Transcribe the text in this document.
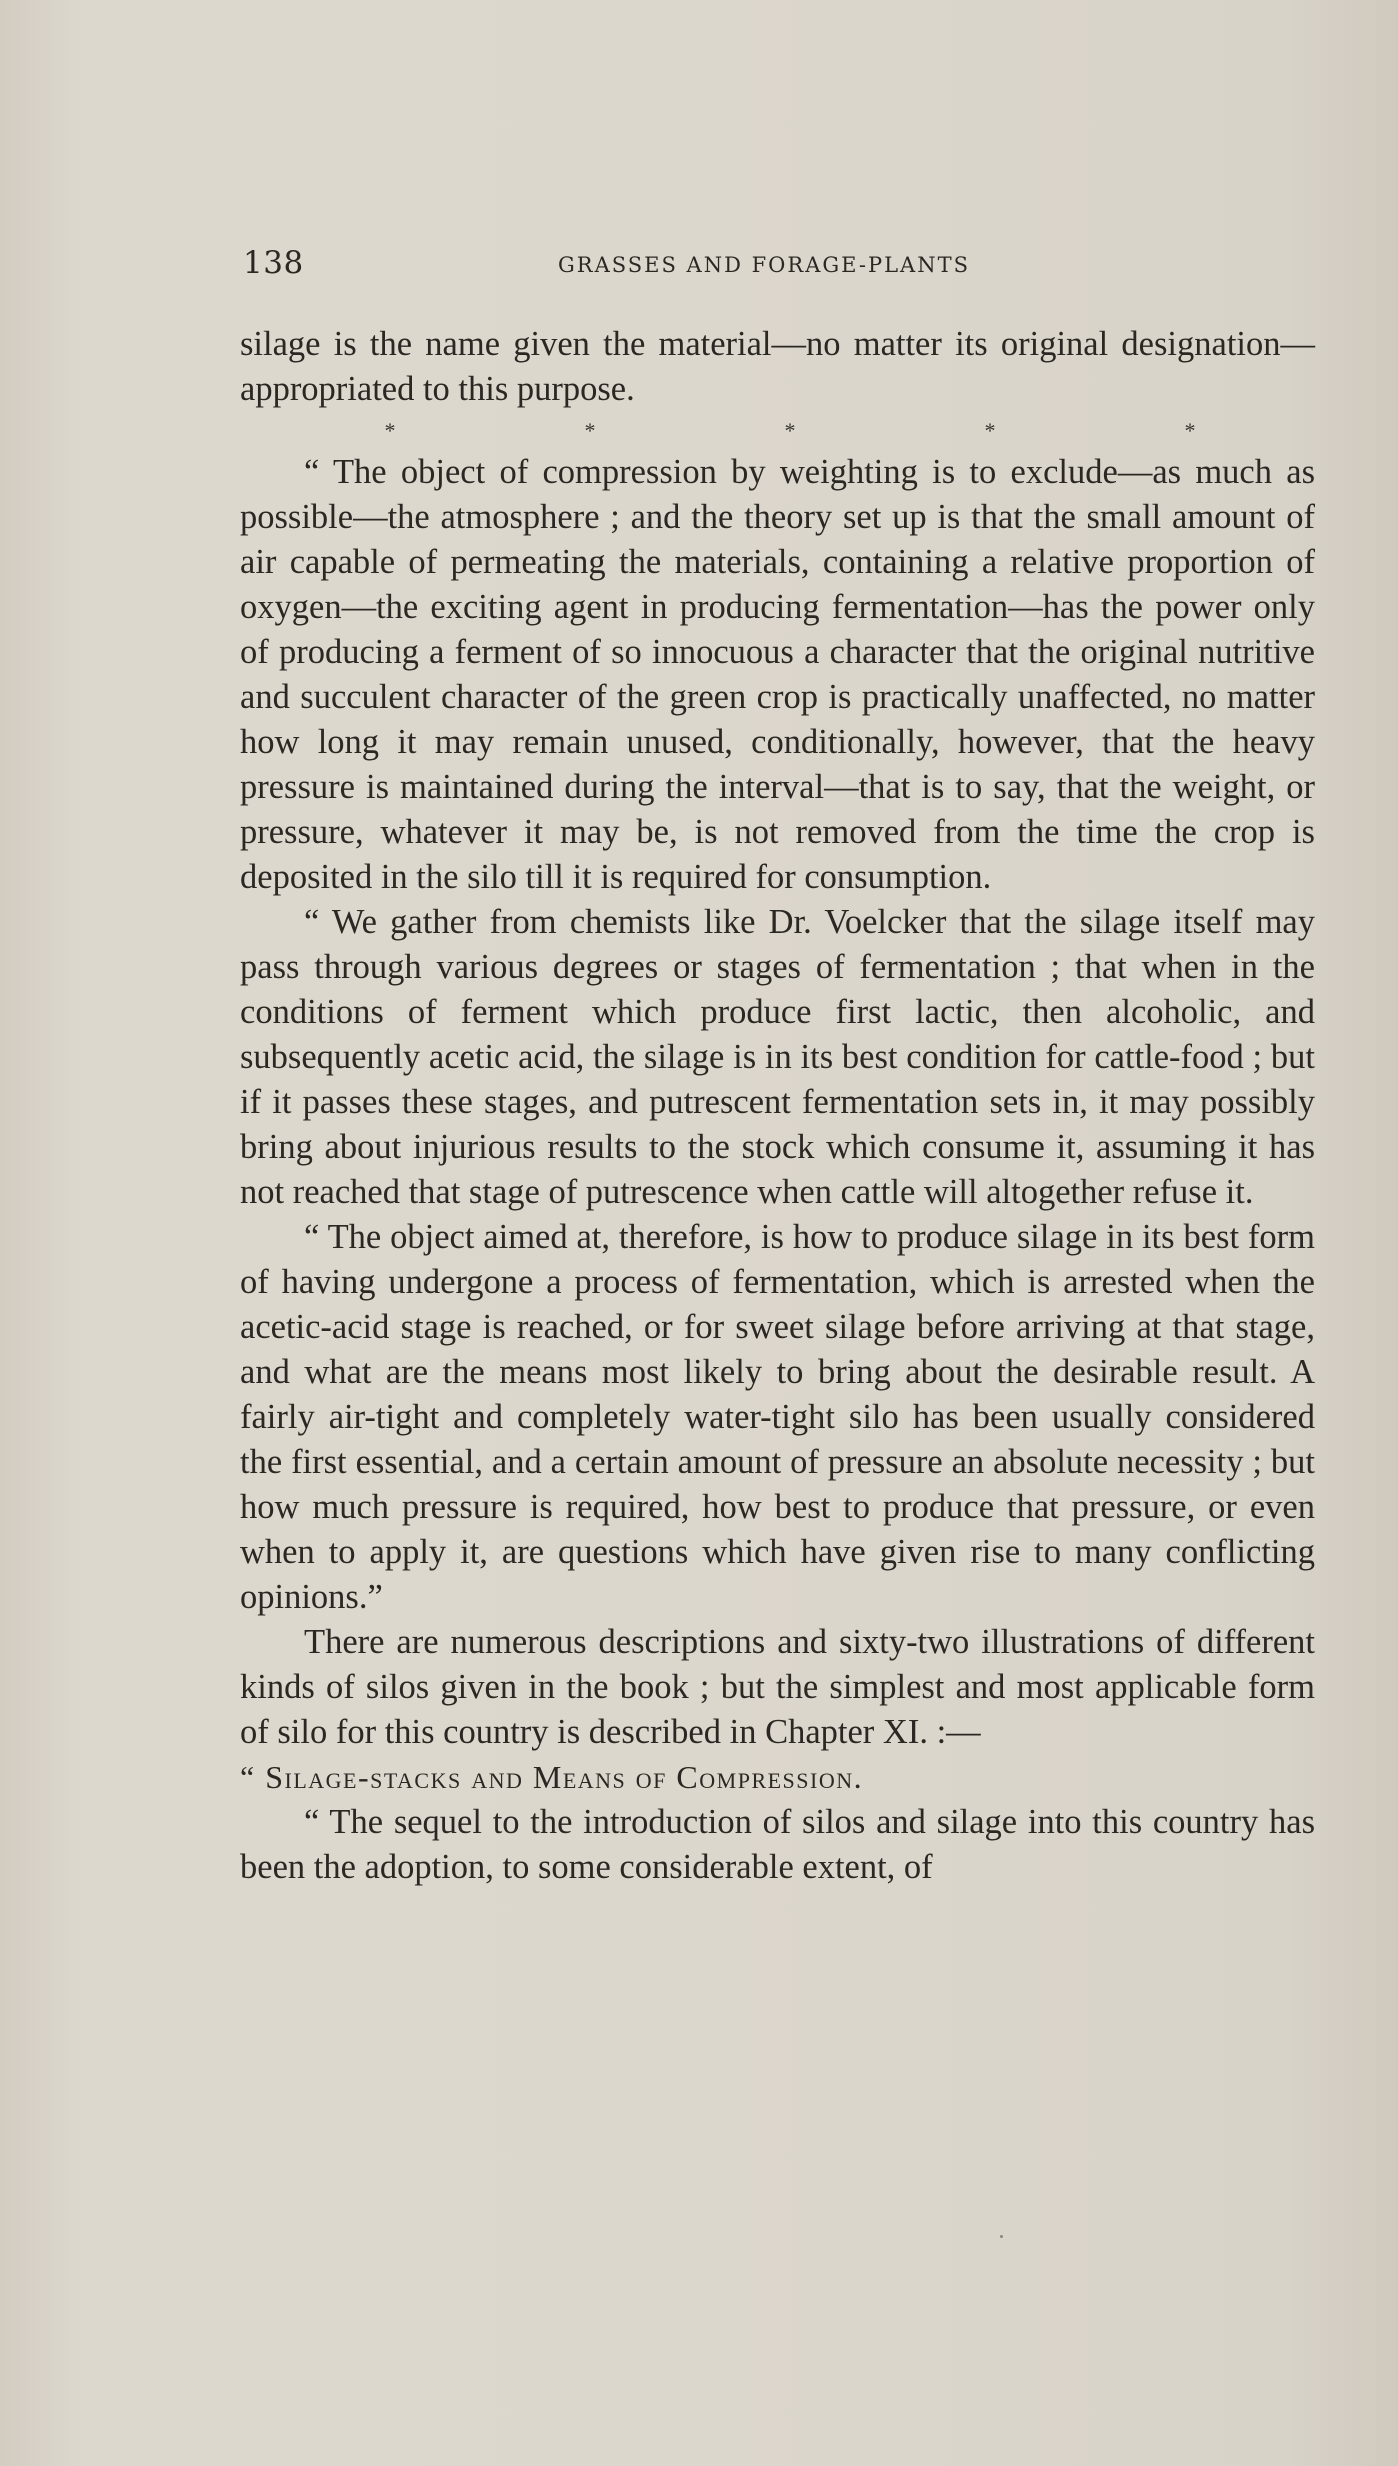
138	GRASSES AND FORAGE-PLANTS

silage is the name given the material—no matter its original designation—appropriated to this purpose.

*	*	*	*	*

“ The object of compression by weighting is to exclude—as much as possible—the atmosphere ; and the theory set up is that the small amount of air capable of permeating the materials, containing a relative proportion of oxygen—the exciting agent in producing fermentation—has the power only of producing a ferment of so innocuous a character that the original nutritive and succulent character of the green crop is practically unaffected, no matter how long it may remain unused, conditionally, however, that the heavy pressure is maintained during the interval—that is to say, that the weight, or pressure, whatever it may be, is not removed from the time the crop is deposited in the silo till it is required for consumption.

“ We gather from chemists like Dr. Voelcker that the silage itself may pass through various degrees or stages of fermentation ; that when in the conditions of ferment which produce first lactic, then alcoholic, and subsequently acetic acid, the silage is in its best condition for cattle-food ; but if it passes these stages, and putrescent fermentation sets in, it may possibly bring about injurious results to the stock which consume it, assuming it has not reached that stage of putrescence when cattle will altogether refuse it.

“ The object aimed at, therefore, is how to produce silage in its best form of having undergone a process of fermentation, which is arrested when the acetic-acid stage is reached, or for sweet silage before arriving at that stage, and what are the means most likely to bring about the desirable result. A fairly air-tight and completely water-tight silo has been usually considered the first essential, and a certain amount of pressure an absolute necessity ; but how much pressure is required, how best to produce that pressure, or even when to apply it, are questions which have given rise to many conflicting opinions.”

There are numerous descriptions and sixty-two illustrations of different kinds of silos given in the book ; but the simplest and most applicable form of silo for this country is described in Chapter XI. :—

“ Silage-stacks and Means of Compression.

“ The sequel to the introduction of silos and silage into this country has been the adoption, to some considerable extent, of
